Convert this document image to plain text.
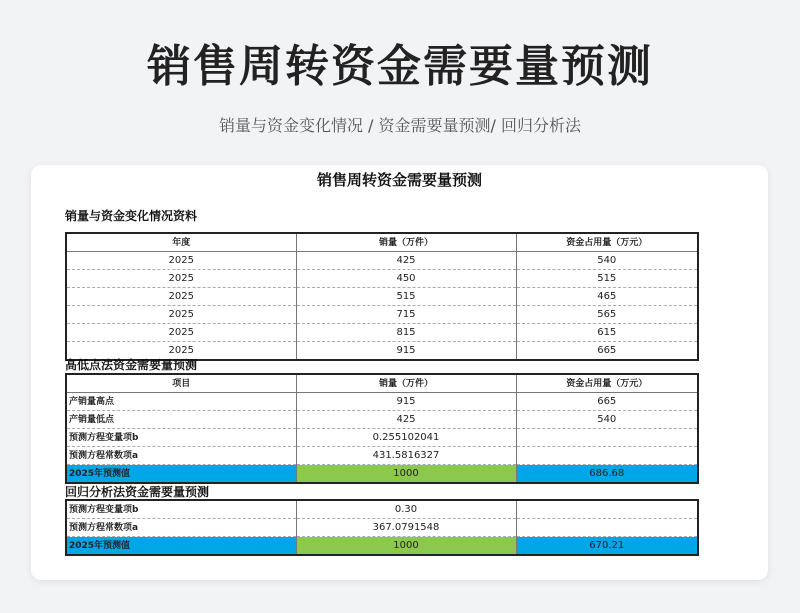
销售周转资金需要量预测
销量与资金变化情况 / 资金需要量预测/ 回归分析法
销售周转资金需要量预测
销量与资金变化情况资料
年度	销量（万件）	资金占用量（万元）
2025	425	540
2025	450	515
2025	515	465
2025	715	565
2025	815	615
2025	915	665
高低点法资金需要量预测
项目	销量（万件）	资金占用量（万元）
产销量高点	915	665
产销量低点	425	540
预测方程变量项b	0.255102041	
预测方程常数项a	431.5816327	
2025年预测值	1000	686.68
回归分析法资金需要量预测
预测方程变量项b	0.30	
预测方程常数项a	367.0791548	
2025年预测值	1000	670.21
